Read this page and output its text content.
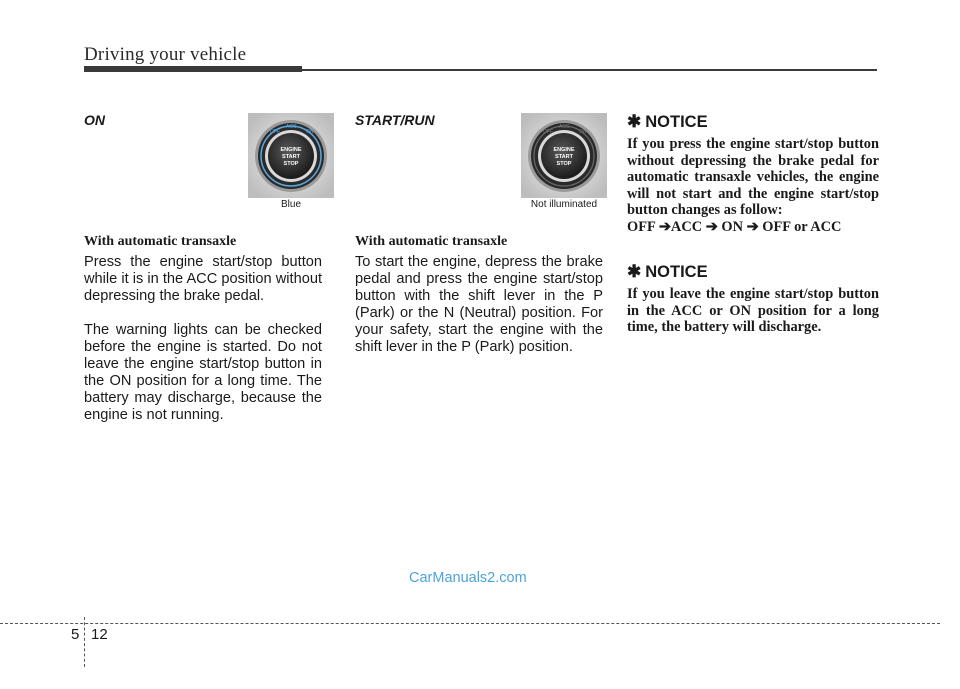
Driving your vehicle
ON
OFF
ACC
ON
ENGINE
START
STOP
Blue
With automatic transaxle
Press the engine start/stop button while it is in the ACC position without depressing the brake pedal.
The warning lights can be checked before the engine is started. Do not leave the engine start/stop button in the ON position for a long time. The battery may discharge, because the engine is not running.
START/RUN
OFF
ACC
ON
ENGINE
START
STOP
Not illuminated
With automatic transaxle
To start the engine, depress the brake pedal and press the engine start/stop button with the shift lever in the P (Park) or the N (Neutral) position. For your safety, start the engine with the shift lever in the P (Park) position.
✱ NOTICE
If you press the engine start/stop button without depressing the brake pedal for automatic transaxle vehicles, the engine will not start and the engine start/stop button changes as follow:
OFF ➔ACC ➔ ON ➔ OFF or ACC
✱ NOTICE
If you leave the engine start/stop button in the ACC or ON position for a long time, the battery will discharge.
CarManuals2.com
5 12
